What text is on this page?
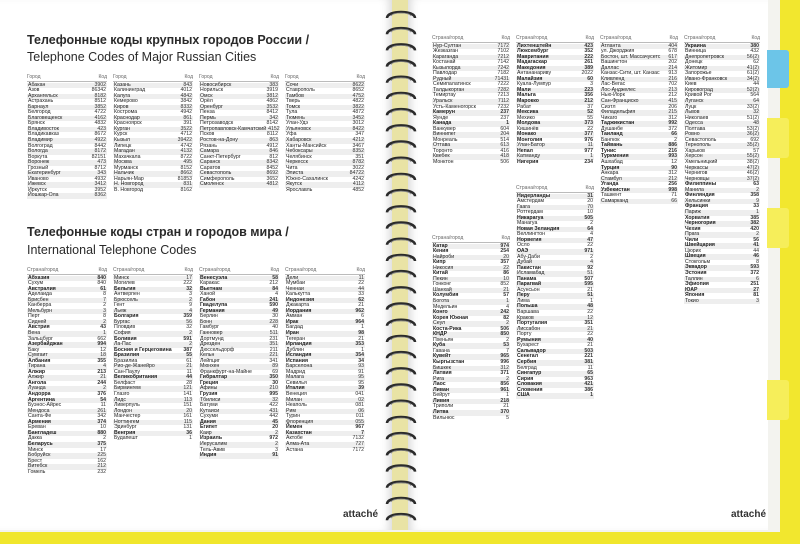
Телефонные коды крупных городов России /
Telephone Codes of Major Russian Cities
Город	Код
Абакан	3902
Азов	86342
Архангельск	8182
Астрахань	8512
Барнаул	3852
Белгород	4722
Благовещенск	4162
Брянск	4832
Владивосток	423
Владикавказ	8672
Владимир	4922
Волгоград	8442
Вологда	8172
Воркута	82151
Воронеж	473
Грозный	8712
Екатеринбург	343
Иваново	4932
Ижевск	3412
Иркутск	3952
Йошкар-Ола	8362
Город	Код
Казань	843
Калининград	4012
Калуга	4842
Кемерово	3842
Киров	8332
Кострома	4942
Краснодар	861
Красноярск	391
Курган	3522
Курск	4712
Кызыл	39422
Липецк	4742
Магадан	4132
Махачкала	8722
Москва	495
Мурманск	8152
Нальчик	8662
Нарьян-Мар	81853
Н. Новгород	831
В. Новгород	8162
Город	Код
Новосибирск	383
Норильск	3919
Омск	3812
Орёл	4862
Оренбург	3532
Пенза	8412
Пермь	342
Петрозаводск	8142
Петропавловск-Камчатский 4152
Псков	8112
Ростов-на-Дону	863
Рязань	4912
Самара	846
Санкт-Петербург	812
Саранск	8342
Саратов	8452
Севастополь	8692
Симферополь	3652
Смоленск	4812
Город	Код
Сочи	8622
Ставрополь	8652
Тамбов	4752
Тверь	4822
Томск	3822
Тула	4872
Тюмень	3452
Улан-Удэ	3012
Ульяновск	8422
Уфа	347
Хабаровск	4212
Ханты-Мансийск	3467
Чебоксары	8352
Челябинск	351
Черкесск	8782
Чита	3022
Элиста	84722
Южно-Сахалинск	4242
Якутск	4112
Ярославль	4852
Телефонные коды стран и городов мира /
International Telephone Codes
Страна/город	Код
Абхазия	840
Сухум	840
Австралия	61
Аделаида	8
Брисбен	7
Канберра	2
Мельбурн	3
Перт	8
Сидней	2
Австрия	43
Вена	1
Зальцбург	662
Азербайджан	994
Баку	12
Сумгаит	18
Албания	355
Тирана	4
Алжир	213
Алжир	21
Ангола	244
Луанда	2
Андорра	376
Аргентина	54
Буэнос-Айрес	11
Мендоса	261
Санта-Фе	342
Армения	374
Ереван	10
Бангладеш	880
Дакка	2
Беларусь	375
Минск	17
Бобруйск	225
Брест	162
Витебск	212
Гомель	232
Страна/город	Код
Минск	17
Могилев	222
Бельгия	32
Антверпен	3
Брюссель	2
Гент	9
Льеж	4
Болгария	359
Бургас	56
Пловдив	32
София	2
Боливия	591
Ла-Пас	2
Босния и Герцеговина 387
Бразилия	55
Бразилиа	61
Рио-де-Жанейро	21
Сан-Паулу	11
Великобритания	44
Белфаст	28
Бирмингем	121
Глазго	141
Лидс	113
Ливерпуль	151
Лондон	20
Манчестер	161
Ноттингем	115
Эдинбург	131
Венгрия	36
Будапешт	1
Страна/город	Код
Венесуэла	58
Каракас	212
Вьетнам	84
Ханой	4
Габон	241
Гваделупа	590
Германия	49
Берлин	30
Бонн	228
Гамбург	40
Ганновер	511
Дортмунд	231
Дрезден	351
Дюссельдорф	211
Кельн	221
Лейпциг	341
Мюнхен	89
Франкфурт-на-Майне	69
Гибралтар	350
Греция	30
Афины	210
Грузия	995
Тбилиси	32
Батуми	422
Кутаиси	431
Сухуми	442
Дания	45
Египет	20
Каир	2
Израиль	972
Иерусалим	2
Тель-Авив	3
Индия	91
Страна/город	Код
Дели	11
Мумбаи	22
Ченнаи	44
Калькутта	33
Индонезия	62
Джакарта	21
Иордания	962
Амман	6
Ирак	964
Багдад	1
Иран	98
Тегеран	21
Ирландия	353
Дублин	1
Исландия	354
Испания	34
Барселона	93
Мадрид	91
Малага	95
Севилья	95
Италия	39
Венеция	041
Милан	02
Неаполь	081
Рим	06
Турин	011
Флоренция	055
Йемен	967
Казахстан	7
Актобе	7132
Алма-Ата	727
Астана	7172
Страна/город	Код
Нур-Султан	7172
Жезказган	7102
Караганда	7212
Костанай	7142
Кызылорда	7242
Павлодар	7182
Рудный	71431
Семипалатинск	7222
Талдыкорган	7282
Темиртау	7213
Уральск	7112
Усть-Каменогорск	7232
Камерун	237
Яунде	237
Канада	1
Ванкувер	604
Виннипег	204
Монреаль	514
Оттава	613
Торонто	416
Квебек	418
Монктон	506
Страна/город	Код
Лихтенштейн	423
Люксембург	352
Мавритания	222
Мадагаскар	261
Македония	389
Антананариву	2022
Малайзия	60
Куала-Лумпур	3
Мали	223
Мальта	356
Марокко	212
Рабат	37
Мексика	52
Мехико	55
Молдова	373
Кишинёв	22
Монако	377
Монголия	976
Улан-Батор	11
Непал	977
Катманду	1
Нигерия	234
Страна/город	Код
Катар	974
Кения	254
Найроби	20
Кипр	357
Никосия	22
Китай	86
Пекин	10
Гонконг	852
Шанхай	21
Колумбия	57
Богота	1
Медельин	4
Конго	242
Корея Южная	82
Сеул	2
Коста-Рика	506
КНДР	850
Пхеньян	2
Куба	53
Гавана	7
Кувейт	965
Кыргызстан	996
Бишкек	312
Латвия	371
Рига	2
Лаос	856
Ливан	961
Бейрут	1
Ливия	218
Триполи	21
Литва	370
Вильнюс	5
Страна/город	Код
Нидерланды	31
Амстердам	20
Гаага	70
Роттердам	10
Никарагуа	505
Манагуа	2
Новая Зеландия	64
Веллингтон	4
Норвегия	47
Осло	22
ОАЭ	971
Абу-Даби	2
Дубай	4
Пакистан	92
Исламабад	51
Панама	507
Парагвай	595
Асунсьон	21
Перу	51
Лима	1
Польша	48
Варшава	22
Краков	12
Португалия	351
Лиссабон	21
Порту	22
Румыния	40
Бухарест	21
Сальвадор	503
Сенегал	221
Сербия	381
Белград	11
Сингапур	65
Сирия	963
Словакия	421
Словения	386
США	1
Страна/город	Код
Атланта	404
ул. Джорджия	678
Бостон, шт. Массачусетс 617
Вашингтон	202
Даллас	214
Канзас-Сити, шт. Канзас 913
Кливленд	216
Лас-Вегас	702
Лос-Анджелес	213
Нью-Йорк	212
Сан-Франциско	415
Сиэтл	206
Филадельфия	215
Чикаго	312
Таджикистан	992
Душанбе	372
Таиланд	66
Бангкок	2
Тайвань	886
Тунис	216
Туркмения	993
Ашхабад	12
Турция	90
Анкара	312
Стамбул	212
Уганда	256
Узбекистан	998
Ташкент	71
Самарканд	66
Страна/город	Код
Украина	380
Винница	432
Днепропетровск	56(2)
Донецк	62
Житомир	41(2)
Запорожье	61(2)
Ивано-Франковск	34(2)
Киев	44
Кировоград	52(2)
Кривой Рог	564
Луганск	64
Луцк	33(2)
Львов	32
Николаев	51(2)
Одесса	48
Полтава	53(2)
Ровно	36(2)
Севастополь	692
Тернополь	35(2)
Харьков	57
Херсон	55(2)
Хмельницкий	38(2)
Черкассы	47(2)
Чернигов	46(2)
Черновцы	37(2)
Филиппины	63
Манила	2
Финляндия	358
Хельсинки	9
Франция	33
Париж	1
Хорватия	385
Черногория	382
Чехия	420
Прага	2
Чили	56
Швейцария	41
Цюрих	44
Швеция	46
Стокгольм	8
Эквадор	593
Эстония	372
Таллин	6
Эфиопия	251
ЮАР	27
Япония	81
Токио	3
attaché
attaché
